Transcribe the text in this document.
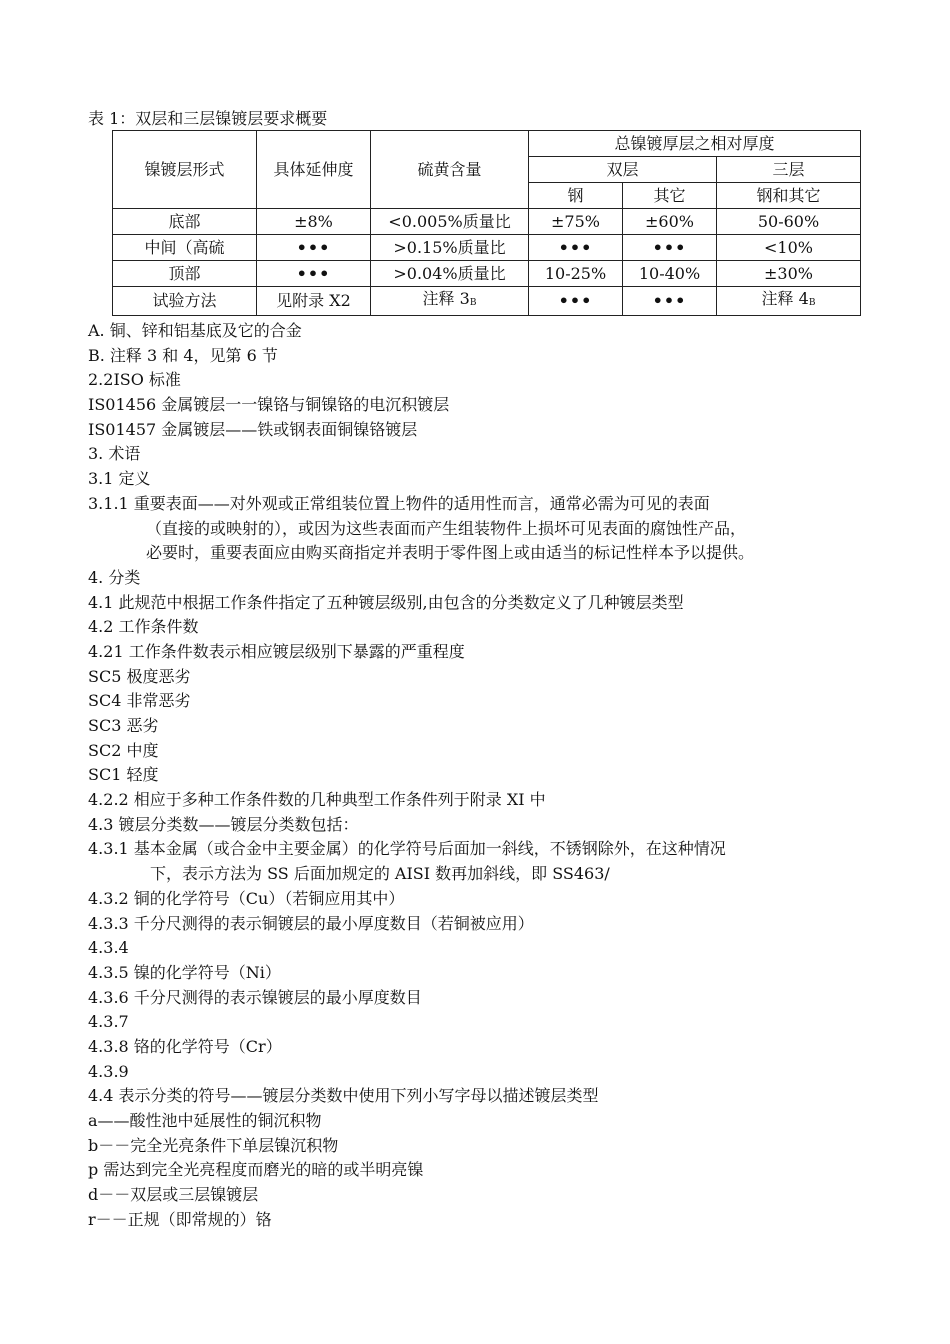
表 1：双层和三层镍镀层要求概要
镍镀层形式	具体延伸度	硫黄含量	总镍镀厚层之相对厚度		
			双层		三层
			钢	其它	钢和其它
底部	±8%	<0.005%质量比	±75%	±60%	50-60%
中间（高硫	•••	>0.15%质量比	•••	•••	<10%
顶部	•••	>0.04%质量比	10-25%	10-40%	±30%
试验方法	见附录 X2	注释 3B	•••	•••	注释 4B
A. 铜、锌和铝基底及它的合金
B. 注释 3 和 4，见第 6 节
2.2ISO 标准
IS01456 金属镀层一一镍铬与铜镍铬的电沉积镀层
IS01457 金属镀层——铁或钢表面铜镍铬镀层
3. 术语
3.1 定义
3.1.1 重要表面——对外观或正常组装位置上物件的适用性而言，通常必需为可见的表面
（直接的或映射的），或因为这些表面而产生组装物件上损坏可见表面的腐蚀性产品，
必要时，重要表面应由购买商指定并表明于零件图上或由适当的标记性样本予以提供。
4. 分类
4.1 此规范中根据工作条件指定了五种镀层级别,由包含的分类数定义了几种镀层类型
4.2 工作条件数
4.21 工作条件数表示相应镀层级别下暴露的严重程度
SC5 极度恶劣
SC4 非常恶劣
SC3 恶劣
SC2 中度
SC1 轻度
4.2.2 相应于多种工作条件数的几种典型工作条件列于附录 XI 中
4.3 镀层分类数——镀层分类数包括：
4.3.1 基本金属（或合金中主要金属）的化学符号后面加一斜线，不锈钢除外，在这种情况
下，表示方法为 SS 后面加规定的 AISI 数再加斜线，即 SS463/
4.3.2 铜的化学符号（Cu）（若铜应用其中）
4.3.3 千分尺测得的表示铜镀层的最小厚度数目（若铜被应用）
4.3.4
4.3.5 镍的化学符号（Ni）
4.3.6 千分尺测得的表示镍镀层的最小厚度数目
4.3.7
4.3.8 铬的化学符号（Cr）
4.3.9
4.4 表示分类的符号——镀层分类数中使用下列小写字母以描述镀层类型
a——酸性池中延展性的铜沉积物
b－－完全光亮条件下单层镍沉积物
p 需达到完全光亮程度而磨光的暗的或半明亮镍
d－－双层或三层镍镀层
r－－正规（即常规的）铬
